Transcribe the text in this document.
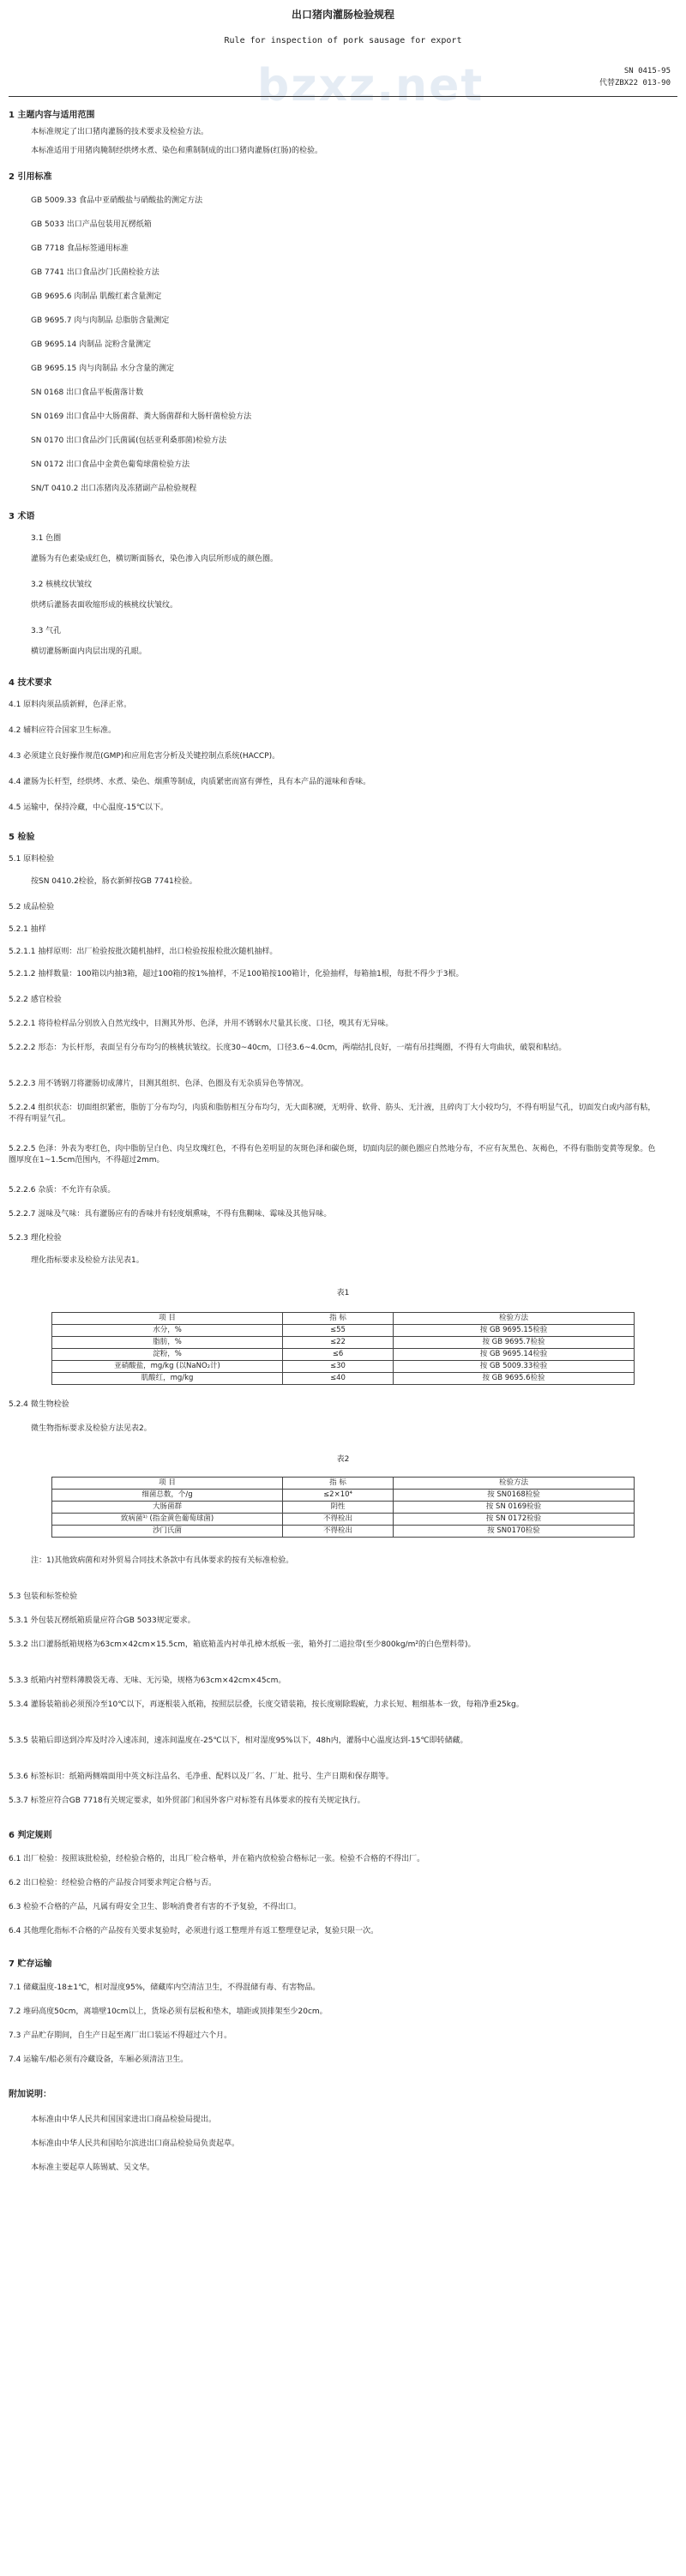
bzxz.net
出口猪肉灌肠检验规程
Rule for inspection of pork sausage for export
SN 0415-95
代替ZBX22 013-90
1 主题内容与适用范围
本标准规定了出口猪肉灌肠的技术要求及检验方法。
本标准适用于用猪肉腌制经烘烤水煮、染色和熏制制成的出口猪肉灌肠(红肠)的检验。
2 引用标准
GB 5009.33 食品中亚硝酸盐与硝酸盐的测定方法
GB 5033 出口产品包装用瓦楞纸箱
GB 7718 食品标签通用标准
GB 7741 出口食品沙门氏菌检验方法
GB 9695.6 肉制品 肌酸红素含量测定
GB 9695.7 肉与肉制品 总脂肪含量测定
GB 9695.14 肉制品 淀粉含量测定
GB 9695.15 肉与肉制品 水分含量的测定
SN 0168 出口食品平板菌落计数
SN 0169 出口食品中大肠菌群、粪大肠菌群和大肠杆菌检验方法
SN 0170 出口食品沙门氏菌属(包括亚利桑那菌)检验方法
SN 0172 出口食品中金黄色葡萄球菌检验方法
SN/T 0410.2 出口冻猪肉及冻猪副产品检验规程
3 术语
3.1 色圈
灌肠为有色素染成红色，横切断面肠衣，染色渗入肉层所形成的颜色圈。
3.2 核桃纹状皱纹
烘烤后灌肠表面收缩形成的核桃纹状皱纹。
3.3 气孔
横切灌肠断面内肉层出现的孔眼。
4 技术要求
4.1 原料肉须品质新鲜，色泽正常。
4.2 辅料应符合国家卫生标准。
4.3 必须建立良好操作规范(GMP)和应用危害分析及关键控制点系统(HACCP)。
4.4 灌肠为长杆型，经烘烤、水煮、染色、烟熏等制成，肉质紧密而富有弹性，具有本产品的滋味和香味。
4.5 运输中，保持冷藏，中心温度-15℃以下。
5 检验
5.1 原料检验
按SN 0410.2检验，肠衣新鲜按GB 7741检验。
5.2 成品检验
5.2.1 抽样
5.2.1.1 抽样原则：出厂检验按批次随机抽样，出口检验按报检批次随机抽样。
5.2.1.2 抽样数量：100箱以内抽3箱，超过100箱的按1%抽样，不足100箱按100箱计，化验抽样，每箱抽1根，每批不得少于3根。
5.2.2 感官检验
5.2.2.1 将待检样品分别放入自然光线中，目测其外形、色泽，并用不锈钢水尺量其长度、口径，嗅其有无异味。
5.2.2.2 形态：为长杆形，表面呈有分布均匀的核桃状皱纹。长度30~40cm，口径3.6~4.0cm，两端结扎良好，一端有吊挂绳圈，不得有大弯曲状，破裂和粘结。
5.2.2.3 用不锈钢刀将灌肠切成薄片，目测其组织、色泽、色圈及有无杂质异色等情况。
5.2.2.4 组织状态：切面组织紧密，脂肪丁分布均匀，肉质和脂肪相互分布均匀，无大面积硬，无明骨、软骨、筋头、无汁液，且碎肉丁大小较均匀，不得有明显气孔，切面发白或内部有粘，不得有明显气孔。
5.2.2.5 色泽：外表为枣红色，肉中脂肪呈白色、肉呈玫瑰红色，不得有色差明显的灰斑色泽和碳色斑，切面肉层的颜色圈应自然地分布，不应有灰黑色、灰褐色，不得有脂肪变黄等现象。色圈厚度在1~1.5cm范围内，不得超过2mm。
5.2.2.6 杂质：不允许有杂质。
5.2.2.7 滋味及气味：具有灌肠应有的香味并有轻度烟熏味，不得有焦糊味、霉味及其他异味。
5.2.3 理化检验
理化指标要求及检验方法见表1。
表1
项 目	指 标	检验方法
水分，%	≤55	按 GB 9695.15检验
脂肪，%	≤22	按 GB 9695.7检验
淀粉，%	≤6	按 GB 9695.14检验
亚硝酸盐，mg/kg (以NaNO₂计)	≤30	按 GB 5009.33检验
肌酸红，mg/kg	≤40	按 GB 9695.6检验
5.2.4 微生物检验
微生物指标要求及检验方法见表2。
表2
项 目	指 标	检验方法
细菌总数，个/g	≤2×10⁴	按 SN0168检验
大肠菌群	阴性	按 SN 0169检验
致病菌¹⁾ (指金黄色葡萄球菌)	不得检出	按 SN 0172检验
沙门氏菌	不得检出	按 SN0170检验
注：1)其他致病菌和对外贸易合同技术条款中有具体要求的按有关标准检验。
5.3 包装和标签检验
5.3.1 外包装瓦楞纸箱质量应符合GB 5033规定要求。
5.3.2 出口灌肠纸箱规格为63cm×42cm×15.5cm，箱底箱盖内衬单孔樟木纸板一张，箱外打二道拉带(至少800kg/m²的白色塑料带)。
5.3.3 纸箱内衬塑料薄膜袋无毒、无味、无污染，规格为63cm×42cm×45cm。
5.3.4 灌肠装箱前必须预冷至10℃以下，再逐根装入纸箱，按照层层叠，长度交错装箱，按长度剔除瑕疵，力求长短、粗细基本一致，每箱净重25kg。
5.3.5 装箱后即送到冷库及时冷入速冻间，速冻间温度在-25℃以下，相对湿度95%以下，48h内，灌肠中心温度达到-15℃即转储藏。
5.3.6 标签标识：纸箱两侧端面用中英文标注品名、毛净重、配料以及厂名、厂址、批号、生产日期和保存期等。
5.3.7 标签应符合GB 7718有关规定要求，如外贸部门和国外客户对标签有具体要求的按有关规定执行。
6 判定规则
6.1 出厂检验：按照该批检验，经检验合格的，出具厂检合格单，并在箱内放检验合格标记一张。检验不合格的不得出厂。
6.2 出口检验：经检验合格的产品按合同要求判定合格与否。
6.3 检验不合格的产品，凡属有碍安全卫生、影响消费者有害的不予复验，不得出口。
6.4 其他理化指标不合格的产品按有关要求复验时，必须进行返工整理并有返工整理登记录，复验只限一次。
7 贮存运输
7.1 储藏温度-18±1℃，相对湿度95%，储藏库内空清洁卫生，不得混储有毒、有害物品。
7.2 堆码高度50cm，离墙壁10cm以上，货垛必须有层板和垫木，墙距或顶排架至少20cm。
7.3 产品贮存期间，自生产日起至离厂出口装运不得超过六个月。
7.4 运输车/船必须有冷藏设备，车厢必须清洁卫生。
附加说明：
本标准由中华人民共和国国家进出口商品检验局提出。
本标准由中华人民共和国哈尔滨进出口商品检验局负责起草。
本标准主要起草人陈锡斌、吴文华。
